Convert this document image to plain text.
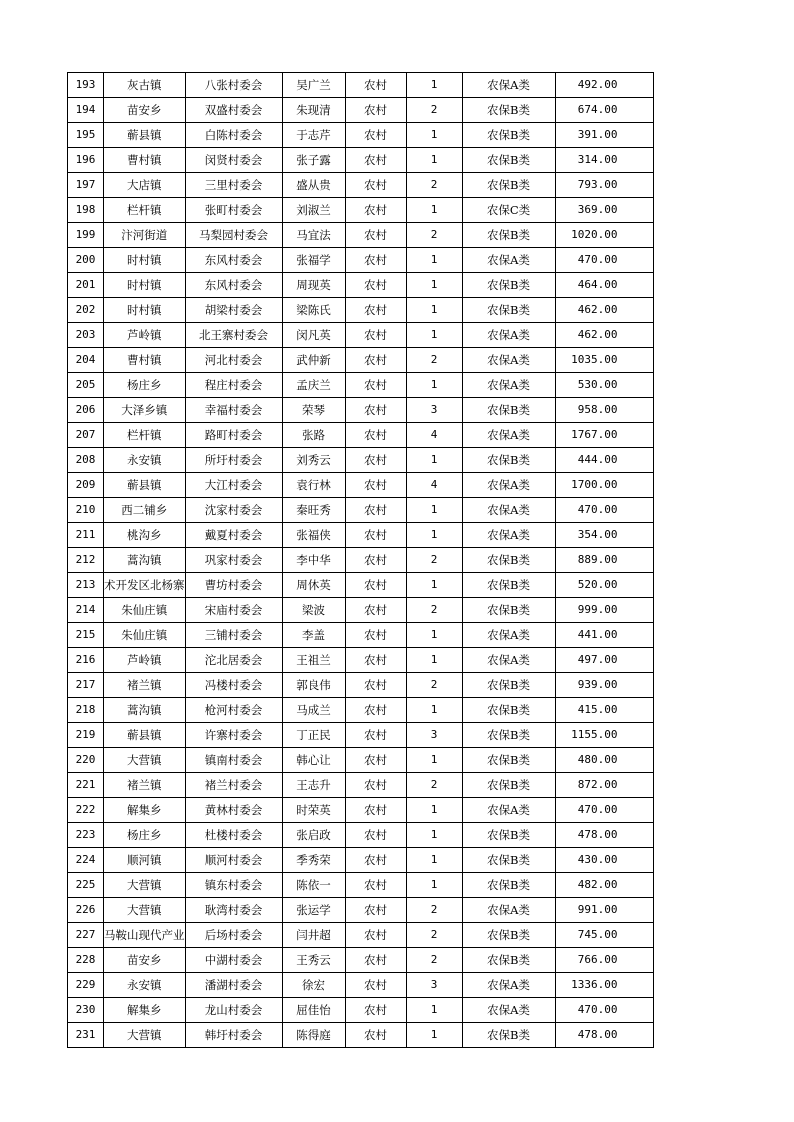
193	灰古镇	八张村委会	吴广兰	农村	1	农保A类	492.00

194	苗安乡	双盛村委会	朱现清	农村	2	农保B类	674.00

195	蕲县镇	白陈村委会	于志芹	农村	1	农保B类	391.00

196	曹村镇	闵贤村委会	张子露	农村	1	农保B类	314.00

197	大店镇	三里村委会	盛从贵	农村	2	农保B类	793.00

198	栏杆镇	张町村委会	刘淑兰	农村	1	农保C类	369.00

199	汴河街道	马梨园村委会	马宜法	农村	2	农保B类	1020.00

200	时村镇	东风村委会	张福学	农村	1	农保A类	470.00

201	时村镇	东风村委会	周现英	农村	1	农保B类	464.00

202	时村镇	胡梁村委会	梁陈氏	农村	1	农保B类	462.00

203	芦岭镇	北王寨村委会	闵凡英	农村	1	农保A类	462.00

204	曹村镇	河北村委会	武仲新	农村	2	农保A类	1035.00

205	杨庄乡	程庄村委会	孟庆兰	农村	1	农保A类	530.00

206	大泽乡镇	幸福村委会	荣琴	农村	3	农保B类	958.00

207	栏杆镇	路町村委会	张路	农村	4	农保A类	1767.00

208	永安镇	所圩村委会	刘秀云	农村	1	农保B类	444.00

209	蕲县镇	大江村委会	袁行林	农村	4	农保A类	1700.00

210	西二铺乡	沈家村委会	秦旺秀	农村	1	农保A类	470.00

211	桃沟乡	戴夏村委会	张福侠	农村	1	农保A类	354.00

212	蒿沟镇	巩家村委会	李中华	农村	2	农保B类	889.00

213	术开发区北杨寨	曹坊村委会	周休英	农村	1	农保B类	520.00

214	朱仙庄镇	宋庙村委会	梁波	农村	2	农保B类	999.00

215	朱仙庄镇	三铺村委会	李盖	农村	1	农保A类	441.00

216	芦岭镇	沱北居委会	王祖兰	农村	1	农保A类	497.00

217	褚兰镇	冯楼村委会	郭良伟	农村	2	农保B类	939.00

218	蒿沟镇	枪河村委会	马成兰	农村	1	农保B类	415.00

219	蕲县镇	许寨村委会	丁正民	农村	3	农保B类	1155.00

220	大营镇	镇南村委会	韩心让	农村	1	农保B类	480.00

221	褚兰镇	褚兰村委会	王志升	农村	2	农保B类	872.00

222	解集乡	黄林村委会	时荣英	农村	1	农保A类	470.00

223	杨庄乡	杜楼村委会	张启政	农村	1	农保B类	478.00

224	顺河镇	顺河村委会	季秀荣	农村	1	农保B类	430.00

225	大营镇	镇东村委会	陈依一	农村	1	农保B类	482.00

226	大营镇	耿湾村委会	张运学	农村	2	农保A类	991.00

227	马鞍山现代产业	后场村委会	闫井超	农村	2	农保B类	745.00

228	苗安乡	中湖村委会	王秀云	农村	2	农保B类	766.00

229	永安镇	潘湖村委会	徐宏	农村	3	农保A类	1336.00

230	解集乡	龙山村委会	屈佳怡	农村	1	农保A类	470.00

231	大营镇	韩圩村委会	陈得庭	农村	1	农保B类	478.00
